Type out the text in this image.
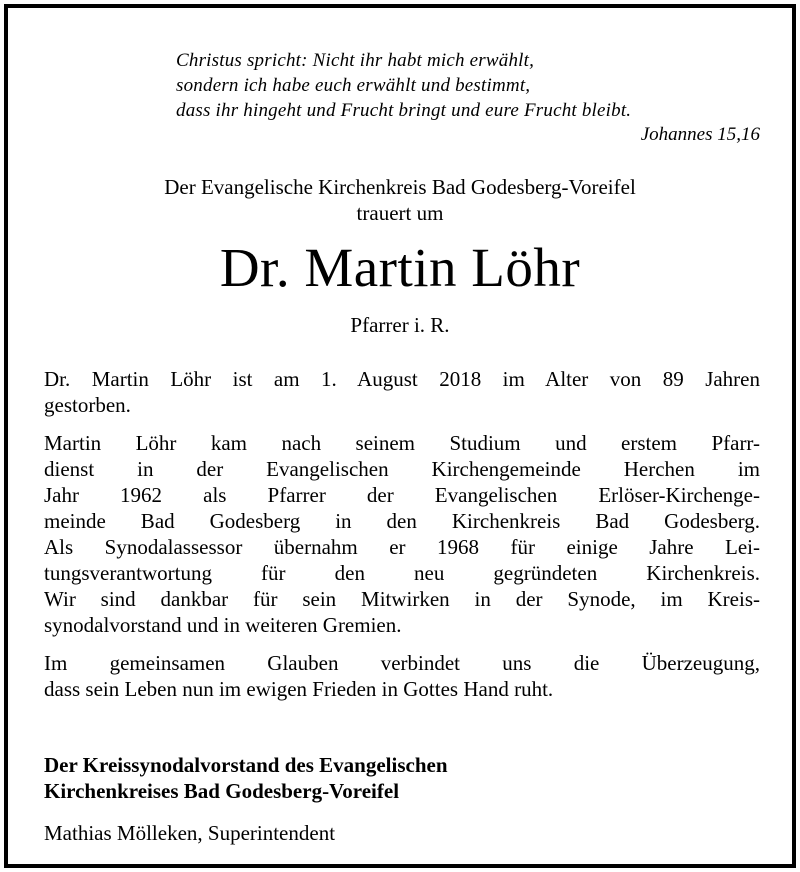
Christus spricht: Nicht ihr habt mich erwählt,
sondern ich habe euch erwählt und bestimmt,
dass ihr hingeht und Frucht bringt und eure Frucht bleibt.
Johannes 15,16
Der Evangelische Kirchenkreis Bad Godesberg-Voreifel
trauert um
Dr. Martin Löhr
Pfarrer i. R.
Dr. Martin Löhr ist am 1. August 2018 im Alter von 89 Jahren
gestorben.
Martin Löhr kam nach seinem Studium und erstem Pfarr-
dienst in der Evangelischen Kirchengemeinde Herchen im
Jahr 1962 als Pfarrer der Evangelischen Erlöser-Kirchenge-
meinde Bad Godesberg in den Kirchenkreis Bad Godesberg.
Als Synodalassessor übernahm er 1968 für einige Jahre Lei-
tungsverantwortung für den neu gegründeten Kirchenkreis.
Wir sind dankbar für sein Mitwirken in der Synode, im Kreis-
synodalvorstand und in weiteren Gremien.
Im gemeinsamen Glauben verbindet uns die Überzeugung,
dass sein Leben nun im ewigen Frieden in Gottes Hand ruht.
Der Kreissynodalvorstand des Evangelischen
Kirchenkreises Bad Godesberg-Voreifel
Mathias Mölleken, Superintendent
